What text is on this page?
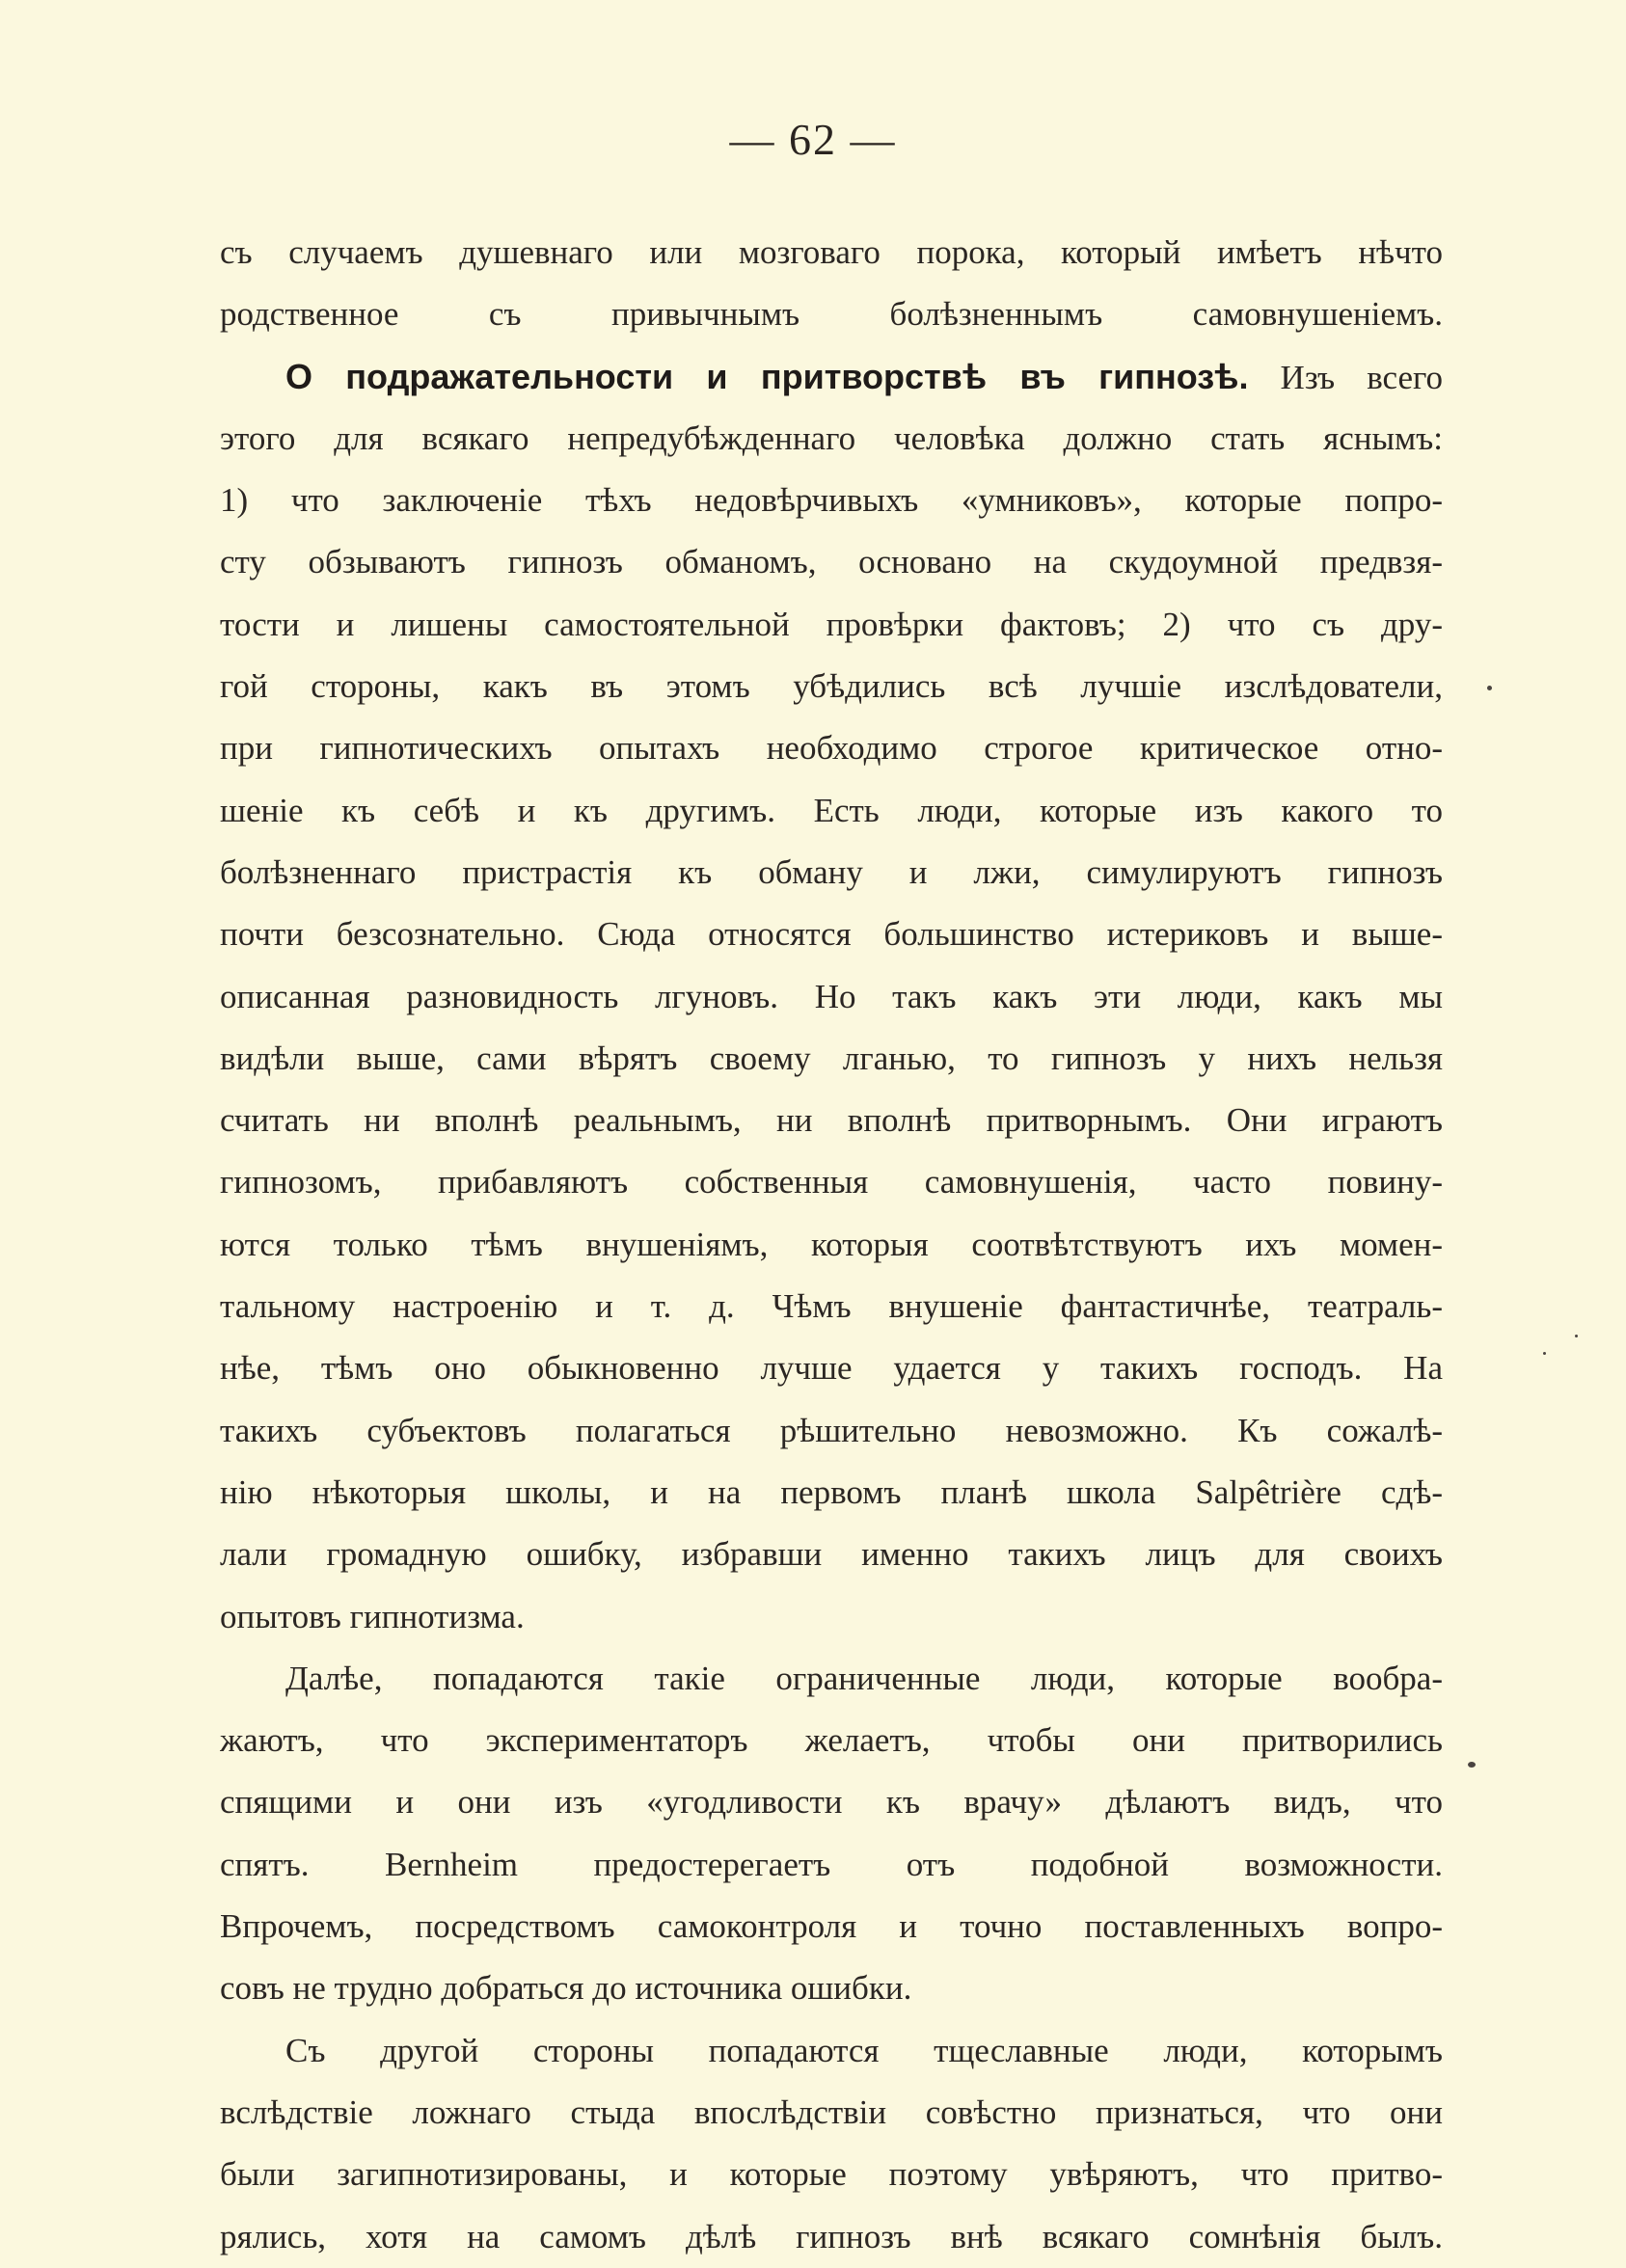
— 62 —
съ случаемъ душевнаго или мозговаго порока, который имѣетъ нѣчто
родственное съ привычнымъ болѣзненнымъ самовнушеніемъ.
О подражательности и притворствѣ въ гипнозѣ. Изъ всего
этого для всякаго непредубѣжденнаго человѣка должно стать яснымъ:
1) что заключеніе тѣхъ недовѣрчивыхъ «умниковъ», которые попро-
сту обзываютъ гипнозъ обманомъ, основано на скудоумной предвзя-
тости и лишены самостоятельной провѣрки фактовъ; 2) что съ дру-
гой стороны, какъ въ этомъ убѣдились всѣ лучшіе изслѣдователи,
при гипнотическихъ опытахъ необходимо строгое критическое отно-
шеніе къ себѣ и къ другимъ. Есть люди, которые изъ какого то
болѣзненнаго пристрастія къ обману и лжи, симулируютъ гипнозъ
почти безсознательно. Сюда относятся большинство истериковъ и выше-
описанная разновидность лгуновъ. Но такъ какъ эти люди, какъ мы
видѣли выше, сами вѣрятъ своему лганью, то гипнозъ у нихъ нельзя
считать ни вполнѣ реальнымъ, ни вполнѣ притворнымъ. Они играютъ
гипнозомъ, прибавляютъ собственныя самовнушенія, часто повину-
ются только тѣмъ внушеніямъ, которыя соотвѣтствуютъ ихъ момен-
тальному настроенію и т. д. Чѣмъ внушеніе фантастичнѣе, театраль-
нѣе, тѣмъ оно обыкновенно лучше удается у такихъ господъ. На
такихъ субъектовъ полагаться рѣшительно невозможно. Къ сожалѣ-
нію нѣкоторыя школы, и на первомъ планѣ школа Salpêtrière сдѣ-
лали громадную ошибку, избравши именно такихъ лицъ для своихъ
опытовъ гипнотизма.
Далѣе, попадаются такіе ограниченные люди, которые вообра-
жаютъ, что экспериментаторъ желаетъ, чтобы они притворились
спящими и они изъ «угодливости къ врачу» дѣлаютъ видъ, что
спятъ. Bernheim предостерегаетъ отъ подобной возможности.
Впрочемъ, посредствомъ самоконтроля и точно поставленныхъ вопро-
совъ не трудно добраться до источника ошибки.
Съ другой стороны попадаются тщеславные люди, которымъ
вслѣдствіе ложнаго стыда впослѣдствіи совѣстно признаться, что они
были загипнотизированы, и которые поэтому увѣряютъ, что притво-
рялись, хотя на самомъ дѣлѣ гипнозъ внѣ всякаго сомнѣнія былъ.
